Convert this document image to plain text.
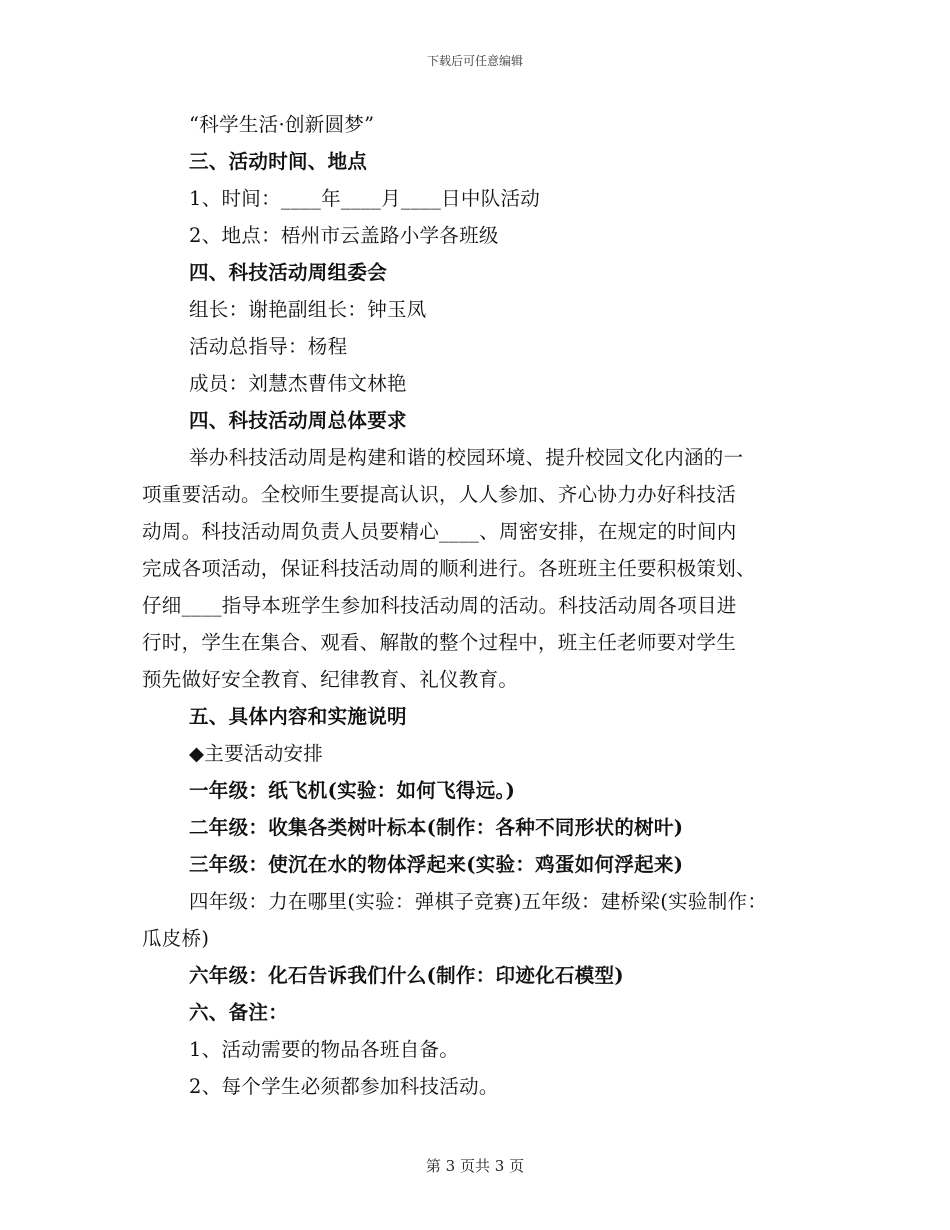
下载后可任意编辑
“科学生活·创新圆梦”
三、活动时间、地点
1、时间：____年____月____日中队活动
2、地点：梧州市云盖路小学各班级
四、科技活动周组委会
组长：谢艳副组长：钟玉凤
活动总指导：杨程
成员：刘慧杰曹伟文林艳
四、科技活动周总体要求
举办科技活动周是构建和谐的校园环境、提升校园文化内涵的一
项重要活动。全校师生要提高认识，人人参加、齐心协力办好科技活
动周。科技活动周负责人员要精心____、周密安排，在规定的时间内
完成各项活动，保证科技活动周的顺利进行。各班班主任要积极策划、
仔细____指导本班学生参加科技活动周的活动。科技活动周各项目进
行时，学生在集合、观看、解散的整个过程中，班主任老师要对学生
预先做好安全教育、纪律教育、礼仪教育。
五、具体内容和实施说明
◆主要活动安排
一年级：纸飞机(实验：如何飞得远。)
二年级：收集各类树叶标本(制作：各种不同形状的树叶)
三年级：使沉在水的物体浮起来(实验：鸡蛋如何浮起来)
四年级：力在哪里(实验：弹棋子竞赛)五年级：建桥梁(实验制作：
瓜皮桥)
六年级：化石告诉我们什么(制作：印迹化石模型)
六、备注：
1、活动需要的物品各班自备。
2、每个学生必须都参加科技活动。
第 3 页共 3 页
